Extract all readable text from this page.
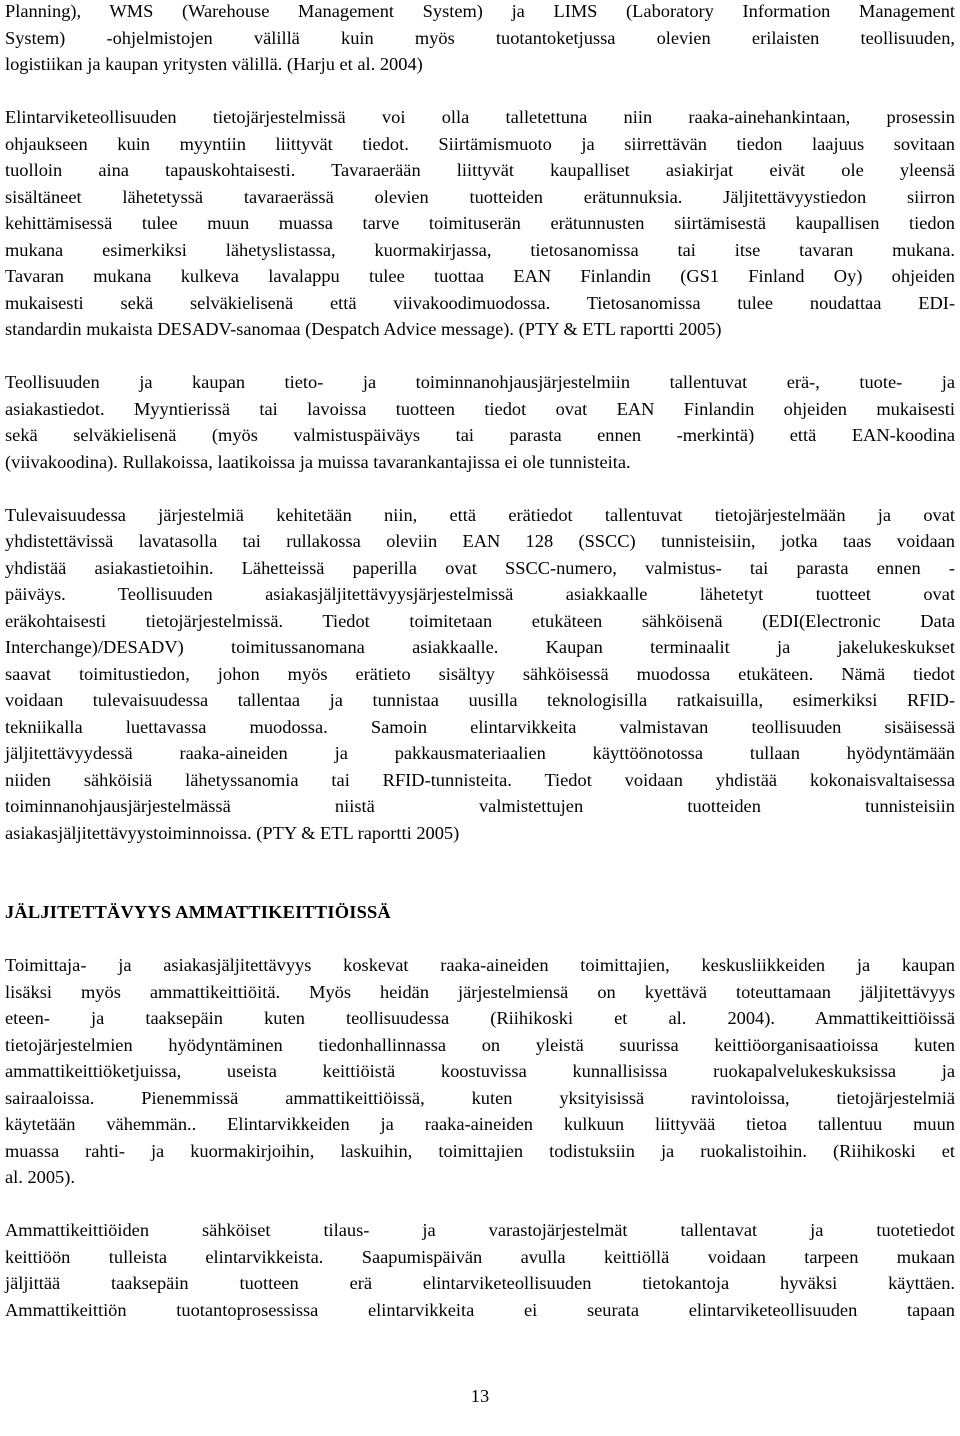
Planning), WMS (Warehouse Management System) ja LIMS (Laboratory Information Management
System) -ohjelmistojen välillä kuin myös tuotantoketjussa olevien erilaisten teollisuuden,
logistiikan ja kaupan yritysten välillä. (Harju et al. 2004)
Elintarviketeollisuuden tietojärjestelmissä voi olla talletettuna niin raaka-ainehankintaan, prosessin
ohjaukseen kuin myyntiin liittyvät tiedot. Siirtämismuoto ja siirrettävän tiedon laajuus sovitaan
tuolloin aina tapauskohtaisesti. Tavaraerään liittyvät kaupalliset asiakirjat eivät ole yleensä
sisältäneet lähetetyssä tavaraerässä olevien tuotteiden erätunnuksia. Jäljitettävyystiedon siirron
kehittämisessä tulee muun muassa tarve toimituserän erätunnusten siirtämisestä kaupallisen tiedon
mukana esimerkiksi lähetyslistassa, kuormakirjassa, tietosanomissa tai itse tavaran mukana.
Tavaran mukana kulkeva lavalappu tulee tuottaa EAN Finlandin (GS1 Finland Oy) ohjeiden
mukaisesti sekä selväkielisenä että viivakoodimuodossa. Tietosanomissa tulee noudattaa EDI-
standardin mukaista DESADV-sanomaa (Despatch Advice message). (PTY & ETL raportti 2005)
Teollisuuden ja kaupan tieto- ja toiminnanohjausjärjestelmiin tallentuvat erä-, tuote- ja
asiakastiedot. Myyntierissä tai lavoissa tuotteen tiedot ovat EAN Finlandin ohjeiden mukaisesti
sekä selväkielisenä (myös valmistuspäiväys tai parasta ennen -merkintä) että EAN-koodina
(viivakoodina). Rullakoissa, laatikoissa ja muissa tavarankantajissa ei ole tunnisteita.
Tulevaisuudessa järjestelmiä kehitetään niin, että erätiedot tallentuvat tietojärjestelmään ja ovat
yhdistettävissä lavatasolla tai rullakossa oleviin EAN 128 (SSCC) tunnisteisiin, jotka taas voidaan
yhdistää asiakastietoihin. Lähetteissä paperilla ovat SSCC-numero, valmistus- tai parasta ennen -
päiväys. Teollisuuden asiakasjäljitettävyysjärjestelmissä asiakkaalle lähetetyt tuotteet ovat
eräkohtaisesti tietojärjestelmissä. Tiedot toimitetaan etukäteen sähköisenä (EDI(Electronic Data
Interchange)/DESADV) toimitussanomana asiakkaalle. Kaupan terminaalit ja jakelukeskukset
saavat toimitustiedon, johon myös erätieto sisältyy sähköisessä muodossa etukäteen. Nämä tiedot
voidaan tulevaisuudessa tallentaa ja tunnistaa uusilla teknologisilla ratkaisuilla, esimerkiksi RFID-
tekniikalla luettavassa muodossa. Samoin elintarvikkeita valmistavan teollisuuden sisäisessä
jäljitettävyydessä raaka-aineiden ja pakkausmateriaalien käyttöönotossa tullaan hyödyntämään
niiden sähköisiä lähetyssanomia tai RFID-tunnisteita. Tiedot voidaan yhdistää kokonaisvaltaisessa
toiminnanohjausjärjestelmässä niistä valmistettujen tuotteiden tunnisteisiin
asiakasjäljitettävyystoiminnoissa. (PTY & ETL raportti 2005)
JÄLJITETTÄVYYS AMMATTIKEITTIÖISSÄ
Toimittaja- ja asiakasjäljitettävyys koskevat raaka-aineiden toimittajien, keskusliikkeiden ja kaupan
lisäksi myös ammattikeittiöitä. Myös heidän järjestelmiensä on kyettävä toteuttamaan jäljitettävyys
eteen- ja taaksepäin kuten teollisuudessa (Riihikoski et al. 2004). Ammattikeittiöissä
tietojärjestelmien hyödyntäminen tiedonhallinnassa on yleistä suurissa keittiöorganisaatioissa kuten
ammattikeittiöketjuissa, useista keittiöistä koostuvissa kunnallisissa ruokapalvelukeskuksissa ja
sairaaloissa. Pienemmissä ammattikeittiöissä, kuten yksityisissä ravintoloissa, tietojärjestelmiä
käytetään vähemmän.. Elintarvikkeiden ja raaka-aineiden kulkuun liittyvää tietoa tallentuu muun
muassa rahti- ja kuormakirjoihin, laskuihin, toimittajien todistuksiin ja ruokalistoihin. (Riihikoski et
al. 2005).
Ammattikeittiöiden sähköiset tilaus- ja varastojärjestelmät tallentavat ja tuotetiedot
keittiöön tulleista elintarvikkeista. Saapumispäivän avulla keittiöllä voidaan tarpeen mukaan
jäljittää taaksepäin tuotteen erä elintarviketeollisuuden tietokantoja hyväksi käyttäen.
Ammattikeittiön tuotantoprosessissa elintarvikkeita ei seurata elintarviketeollisuuden tapaan
13
